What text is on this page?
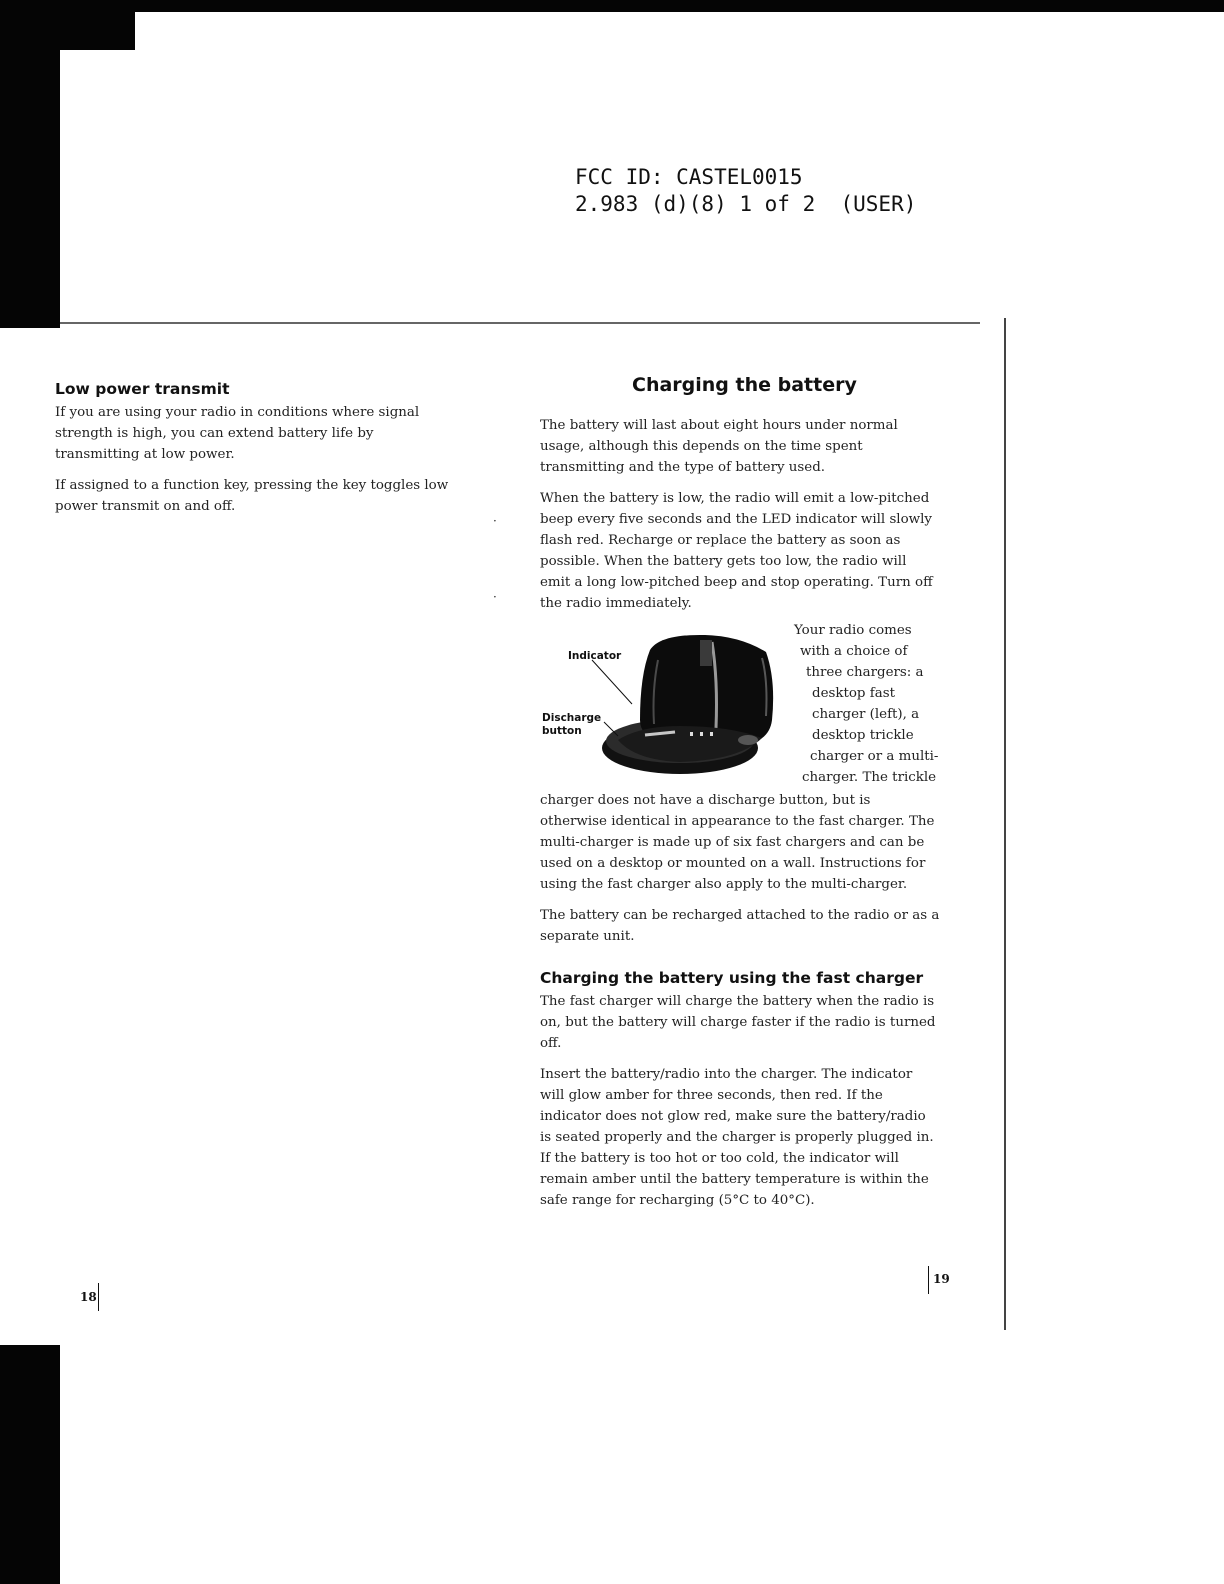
FCC ID: CASTEL0015
2.983 (d)(8) 1 of 2  (USER)
Low power transmit

If you are using your radio in conditions where signal strength is high, you can extend battery life by transmitting at low power.

If assigned to a function key, pressing the key toggles low power transmit on and off.

Charging the battery

The battery will last about eight hours under normal usage, although this depends on the time spent transmitting and the type of battery used.

When the battery is low, the radio will emit a low-pitched beep every five seconds and the LED indicator will slowly flash red. Recharge or replace the battery as soon as possible. When the battery gets too low, the radio will emit a long low-pitched beep and stop operating. Turn off the radio immediately.

Indicator
Discharge
button
Your radio comes
with a choice of
three chargers: a
desktop fast
charger (left), a
desktop trickle
charger or a multi-
charger. The trickle

charger does not have a discharge button, but is otherwise identical in appearance to the fast charger. The multi-charger is made up of six fast chargers and can be used on a desktop or mounted on a wall. Instructions for using the fast charger also apply to the multi-charger.

The battery can be recharged attached to the radio or as a separate unit.

Charging the battery using the fast charger

The fast charger will charge the battery when the radio is on, but the battery will charge faster if the radio is turned off.

Insert the battery/radio into the charger. The indicator will glow amber for three seconds, then red. If the indicator does not glow red, make sure the battery/radio is seated properly and the charger is properly plugged in. If the battery is too hot or too cold, the indicator will remain amber until the battery temperature is within the safe range for recharging (5°C to 40°C).

·
·
18
19
